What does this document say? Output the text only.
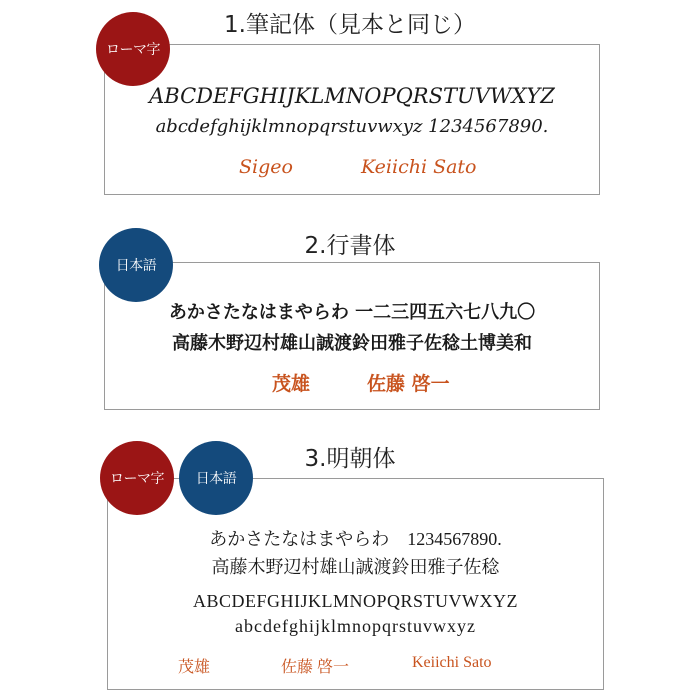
1.筆記体（見本と同じ）
ABCDEFGHIJKLMNOPQRSTUVWXYZ
abcdefghijklmnopqrstuvwxyz 1234567890.
Sigeo	Keiichi Sato
ローマ字
2.行書体
あかさたなはまやらわ 一二三四五六七八九〇
高藤木野辺村雄山誠渡鈴田雅子佐稔土博美和
茂雄	佐藤 啓一
日本語
3.明朝体
あかさたなはまやらわ　1234567890.
高藤木野辺村雄山誠渡鈴田雅子佐稔
ABCDEFGHIJKLMNOPQRSTUVWXYZ
abcdefghijklmnopqrstuvwxyz
茂雄	佐藤 啓一	Keiichi Sato
ローマ字	日本語
